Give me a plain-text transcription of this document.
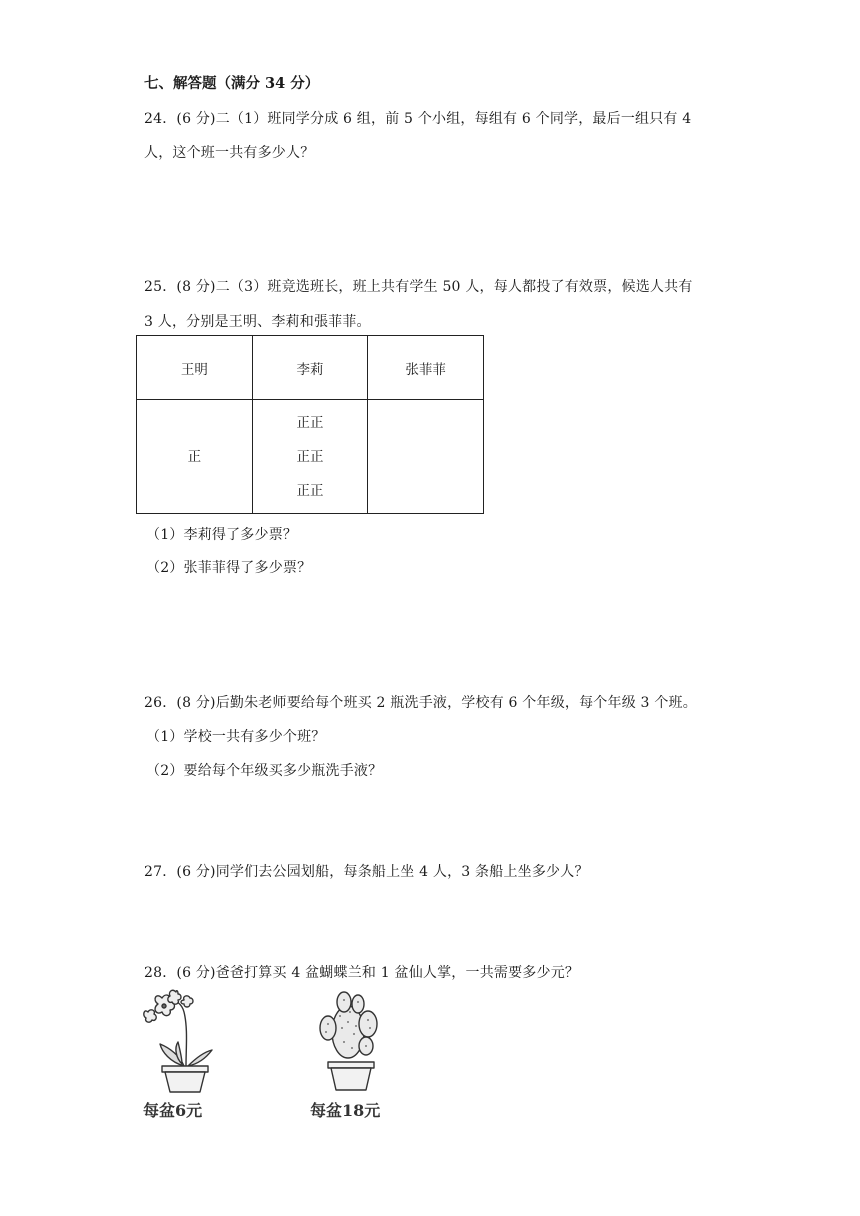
七、解答题（满分 34 分）
24．(6 分)二（1）班同学分成 6 组，前 5 个小组，每组有 6 个同学，最后一组只有 4
人，这个班一共有多少人？
25．(8 分)二（3）班竞选班长，班上共有学生 50 人，每人都投了有效票，候选人共有
3 人，分别是王明、李莉和張菲菲。
王明	李莉	张菲菲

正	正正
正正
正正	

（1）李莉得了多少票？
（2）张菲菲得了多少票？
26．(8 分)后勤朱老师要给每个班买 2 瓶洗手液，学校有 6 个年级，每个年级 3 个班。
（1）学校一共有多少个班？
（2）要给每个年级买多少瓶洗手液？
27．(6 分)同学们去公园划船，每条船上坐 4 人，3 条船上坐多少人？
28．(6 分)爸爸打算买 4 盆蝴蝶兰和 1 盆仙人掌，一共需要多少元？
每盆6元	每盆18元
